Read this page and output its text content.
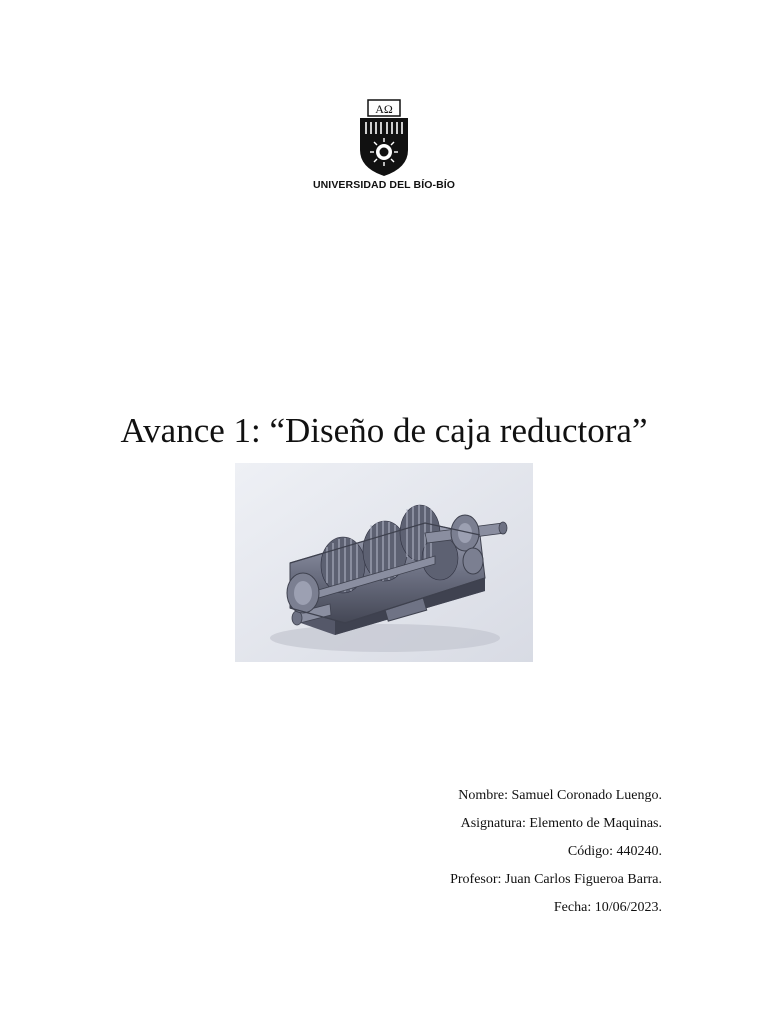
AΩ
UNIVERSIDAD DEL BÍO-BÍO
Avance 1: “Diseño de caja reductora”
Nombre: Samuel Coronado Luengo.
Asignatura: Elemento de Maquinas.
Código: 440240.
Profesor: Juan Carlos Figueroa Barra.
Fecha: 10/06/2023.
